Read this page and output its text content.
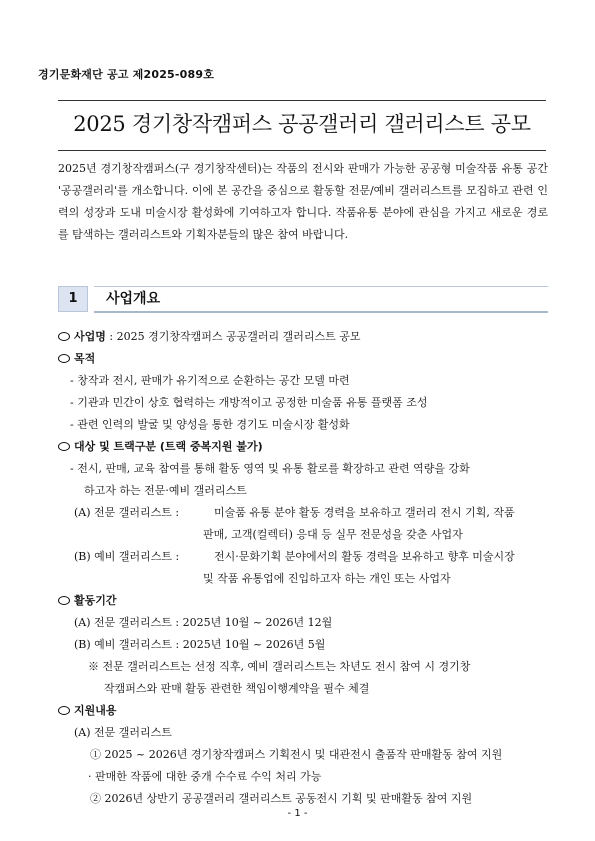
경기문화재단 공고 제2025-089호
2025 경기창작캠퍼스 공공갤러리 갤러리스트 공모
2025년 경기창작캠퍼스(구 경기창작센터)는 작품의 전시와 판매가 가능한 공공형 미술작품 유통 공간 '공공갤러리'를 개소합니다. 이에 본 공간을 중심으로 활동할 전문/예비 갤러리스트를 모집하고 관련 인력의 성장과 도내 미술시장 활성화에 기여하고자 합니다. 작품유통 분야에 관심을 가지고 새로운 경로를 탐색하는 갤러리스트와 기획자분들의 많은 참여 바랍니다.
1	사업개요
사업명 : 2025 경기창작캠퍼스 공공갤러리 갤러리스트 공모
목적
- 창작과 전시, 판매가 유기적으로 순환하는 공간 모델 마련
- 기관과 민간이 상호 협력하는 개방적이고 공정한 미술품 유통 플랫폼 조성
- 관련 인력의 발굴 및 양성을 통한 경기도 미술시장 활성화
대상 및 트랙구분 (트랙 중복지원 불가)
- 전시, 판매, 교육 참여를 통해 활동 영역 및 유통 활로를 확장하고 관련 역량을 강화
하고자 하는 전문·예비 갤러리스트
(A) 전문 갤러리스트 :	미술품 유통 분야 활동 경력을 보유하고 갤러리 전시 기획, 작품
판매, 고객(컬렉터) 응대 등 실무 전문성을 갖춘 사업자
(B) 예비 갤러리스트 :	전시·문화기획 분야에서의 활동 경력을 보유하고 향후 미술시장
및 작품 유통업에 진입하고자 하는 개인 또는 사업자
활동기간
(A) 전문 갤러리스트 : 2025년 10월 ~ 2026년 12월
(B) 예비 갤러리스트 : 2025년 10월 ~ 2026년 5월
※ 전문 갤러리스트는 선정 직후, 예비 갤러리스트는 차년도 전시 참여 시 경기창
작캠퍼스와 판매 활동 관련한 책임이행계약을 필수 체결
지원내용
(A) 전문 갤러리스트
① 2025 ~ 2026년 경기창작캠퍼스 기획전시 및 대관전시 출품작 판매활동 참여 지원
· 판매한 작품에 대한 중개 수수료 수익 처리 가능
② 2026년 상반기 공공갤러리 갤러리스트 공동전시 기획 및 판매활동 참여 지원
- 1 -
